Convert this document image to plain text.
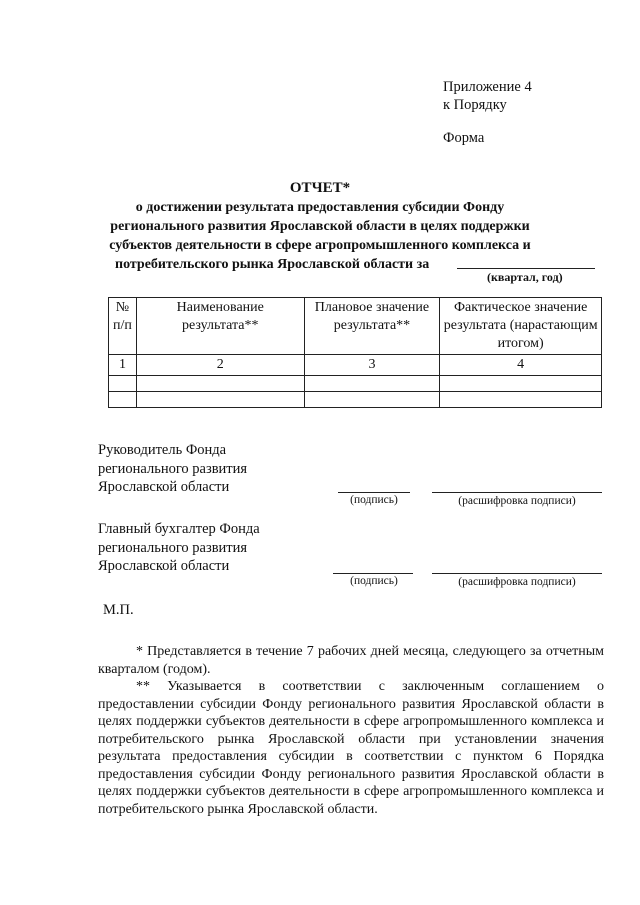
Приложение 4
к Порядку
Форма
ОТЧЕТ*
о достижении результата предоставления субсидии Фонду
регионального развития Ярославской области в целях поддержки
субъектов деятельности в сфере агропромышленного комплекса и
потребительского рынка Ярославской области за
(квартал, год)
№ п/п	Наименование результата**	Плановое значение результата**	Фактическое значение результата (нарастающим итогом)
1	2	3	4

Руководитель Фонда
регионального развития
Ярославской области
(подпись)	(расшифровка подписи)
Главный бухгалтер Фонда
регионального развития
Ярославской области
(подпись)	(расшифровка подписи)
М.П.
* Представляется в течение 7 рабочих дней месяца, следующего за отчетным кварталом (годом).
** Указывается в соответствии с заключенным соглашением о предоставлении субсидии Фонду регионального развития Ярославской области в целях поддержки субъектов деятельности в сфере агропромышленного комплекса и потребительского рынка Ярославской области при установлении значения результата предоставления субсидии в соответствии с пунктом 6 Порядка предоставления субсидии Фонду регионального развития Ярославской области в целях поддержки субъектов деятельности в сфере агропромышленного комплекса и потребительского рынка Ярославской области.
